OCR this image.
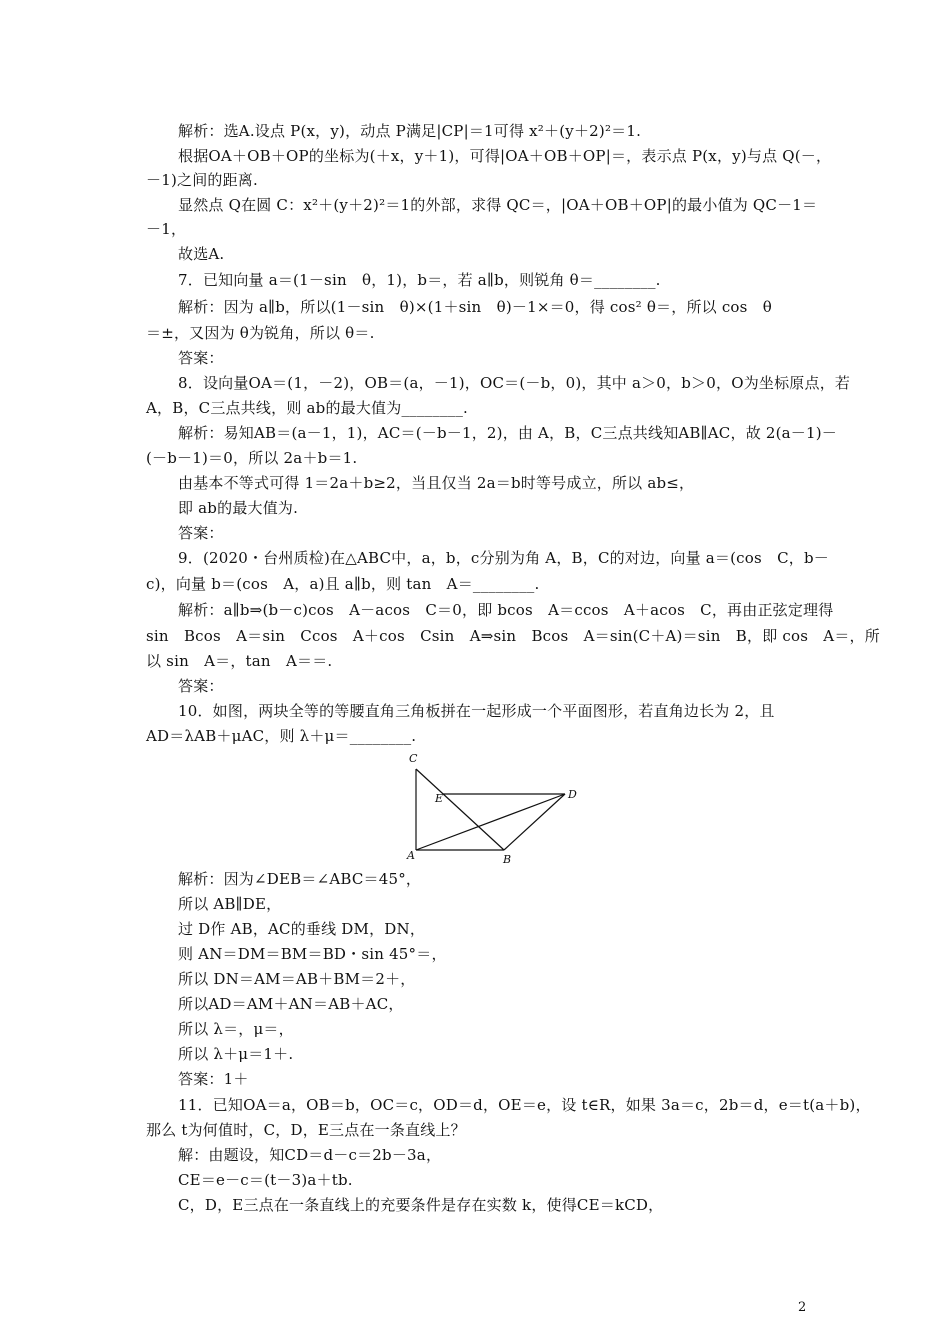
解析：选A.设点 P(x，y)，动点 P满足|CP|＝1可得 x²＋(y＋2)²＝1.
根据OA＋OB＋OP的坐标为(＋x，y＋1)，可得|OA＋OB＋OP|＝，表示点 P(x，y)与点 Q(－，
－1)之间的距离.
显然点 Q在圆 C：x²＋(y＋2)²＝1的外部，求得 QC＝，|OA＋OB＋OP|的最小值为 QC－1＝
－1，
故选A.
7．已知向量 a＝(1－sin　θ，1)，b＝，若 a∥b，则锐角 θ＝________.
解析：因为 a∥b，所以(1－sin　θ)×(1＋sin　θ)－1×＝0，得 cos² θ＝，所以 cos　θ
＝±，又因为 θ为锐角，所以 θ＝.
答案：
8．设向量OA＝(1，－2)，OB＝(a，－1)，OC＝(－b，0)，其中 a＞0，b＞0，O为坐标原点，若
A，B，C三点共线，则 ab的最大值为________.
解析：易知AB＝(a－1，1)，AC＝(－b－1，2)，由 A，B，C三点共线知AB∥AC，故 2(a－1)－
(－b－1)＝0，所以 2a＋b＝1.
由基本不等式可得 1＝2a＋b≥2，当且仅当 2a＝b时等号成立，所以 ab≤，
即 ab的最大值为.
答案：
9．(2020・台州质检)在△ABC中，a，b，c分别为角 A，B，C的对边，向量 a＝(cos　C，b－
c)，向量 b＝(cos　A，a)且 a∥b，则 tan　A＝________.
解析：a∥b⇒(b－c)cos　A－acos　C＝0，即 bcos　A＝ccos　A＋acos　C，再由正弦定理得
sin　Bcos　A＝sin　Ccos　A＋cos　Csin　A⇒sin　Bcos　A＝sin(C＋A)＝sin　B，即 cos　A＝，所
以 sin　A＝，tan　A＝＝.
答案：
10．如图，两块全等的等腰直角三角板拼在一起形成一个平面图形，若直角边长为 2，且
AD＝λAB＋μAC，则 λ＋μ＝________.
C
E	D
A	B
解析：因为∠DEB＝∠ABC＝45°，
所以 AB∥DE，
过 D作 AB，AC的垂线 DM，DN，
则 AN＝DM＝BM＝BD・sin 45°＝，
所以 DN＝AM＝AB＋BM＝2＋，
所以AD＝AM＋AN＝AB＋AC，
所以 λ＝，μ＝，
所以 λ＋μ＝1＋.
答案：1＋
11．已知OA＝a，OB＝b，OC＝c，OD＝d，OE＝e，设 t∈R，如果 3a＝c，2b＝d，e＝t(a＋b)，
那么 t为何值时，C，D，E三点在一条直线上？
解：由题设，知CD＝d－c＝2b－3a，
CE＝e－c＝(t－3)a＋tb.
C，D，E三点在一条直线上的充要条件是存在实数 k，使得CE＝kCD，
2
